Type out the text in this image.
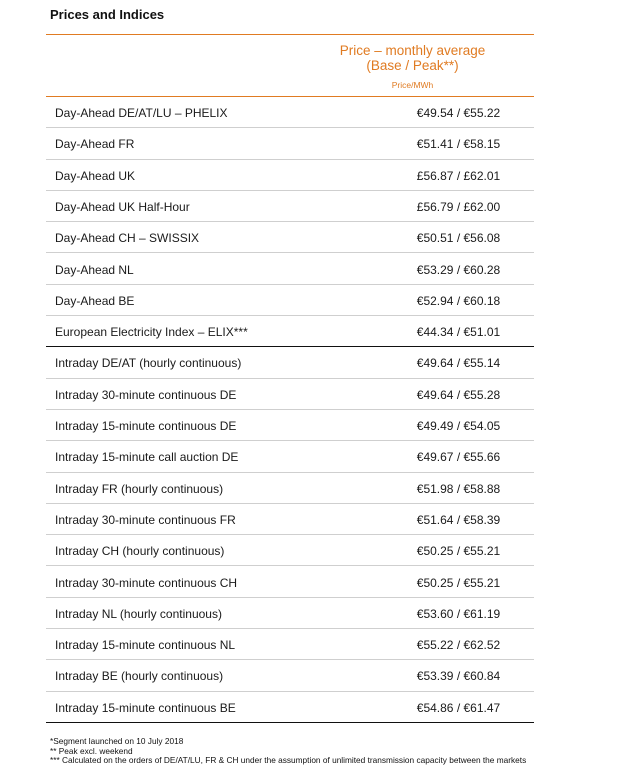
Prices and Indices
Price – monthly average
(Base / Peak**)
Price/MWh
Day-Ahead DE/AT/LU – PHELIX	€49.54 / €55.22
Day-Ahead FR	€51.41 / €58.15
Day-Ahead UK	£56.87 / £62.01
Day-Ahead UK Half-Hour	£56.79 / £62.00
Day-Ahead CH – SWISSIX	€50.51 / €56.08
Day-Ahead NL	€53.29 / €60.28
Day-Ahead BE	€52.94 / €60.18
European Electricity Index – ELIX***	€44.34 / €51.01
Intraday DE/AT (hourly continuous)	€49.64 / €55.14
Intraday 30-minute continuous DE	€49.64 / €55.28
Intraday 15-minute continuous DE	€49.49 / €54.05
Intraday 15-minute call auction DE	€49.67 / €55.66
Intraday FR (hourly continuous)	€51.98 / €58.88
Intraday 30-minute continuous FR	€51.64 / €58.39
Intraday CH (hourly continuous)	€50.25 / €55.21
Intraday 30-minute continuous CH	€50.25 / €55.21
Intraday NL (hourly continuous)	€53.60 / €61.19
Intraday 15-minute continuous NL	€55.22 / €62.52
Intraday BE (hourly continuous)	€53.39 / €60.84
Intraday 15-minute continuous BE	€54.86 / €61.47
*Segment launched on 10 July 2018
** Peak excl. weekend
*** Calculated on the orders of DE/AT/LU, FR & CH under the assumption of unlimited transmission capacity between the markets
